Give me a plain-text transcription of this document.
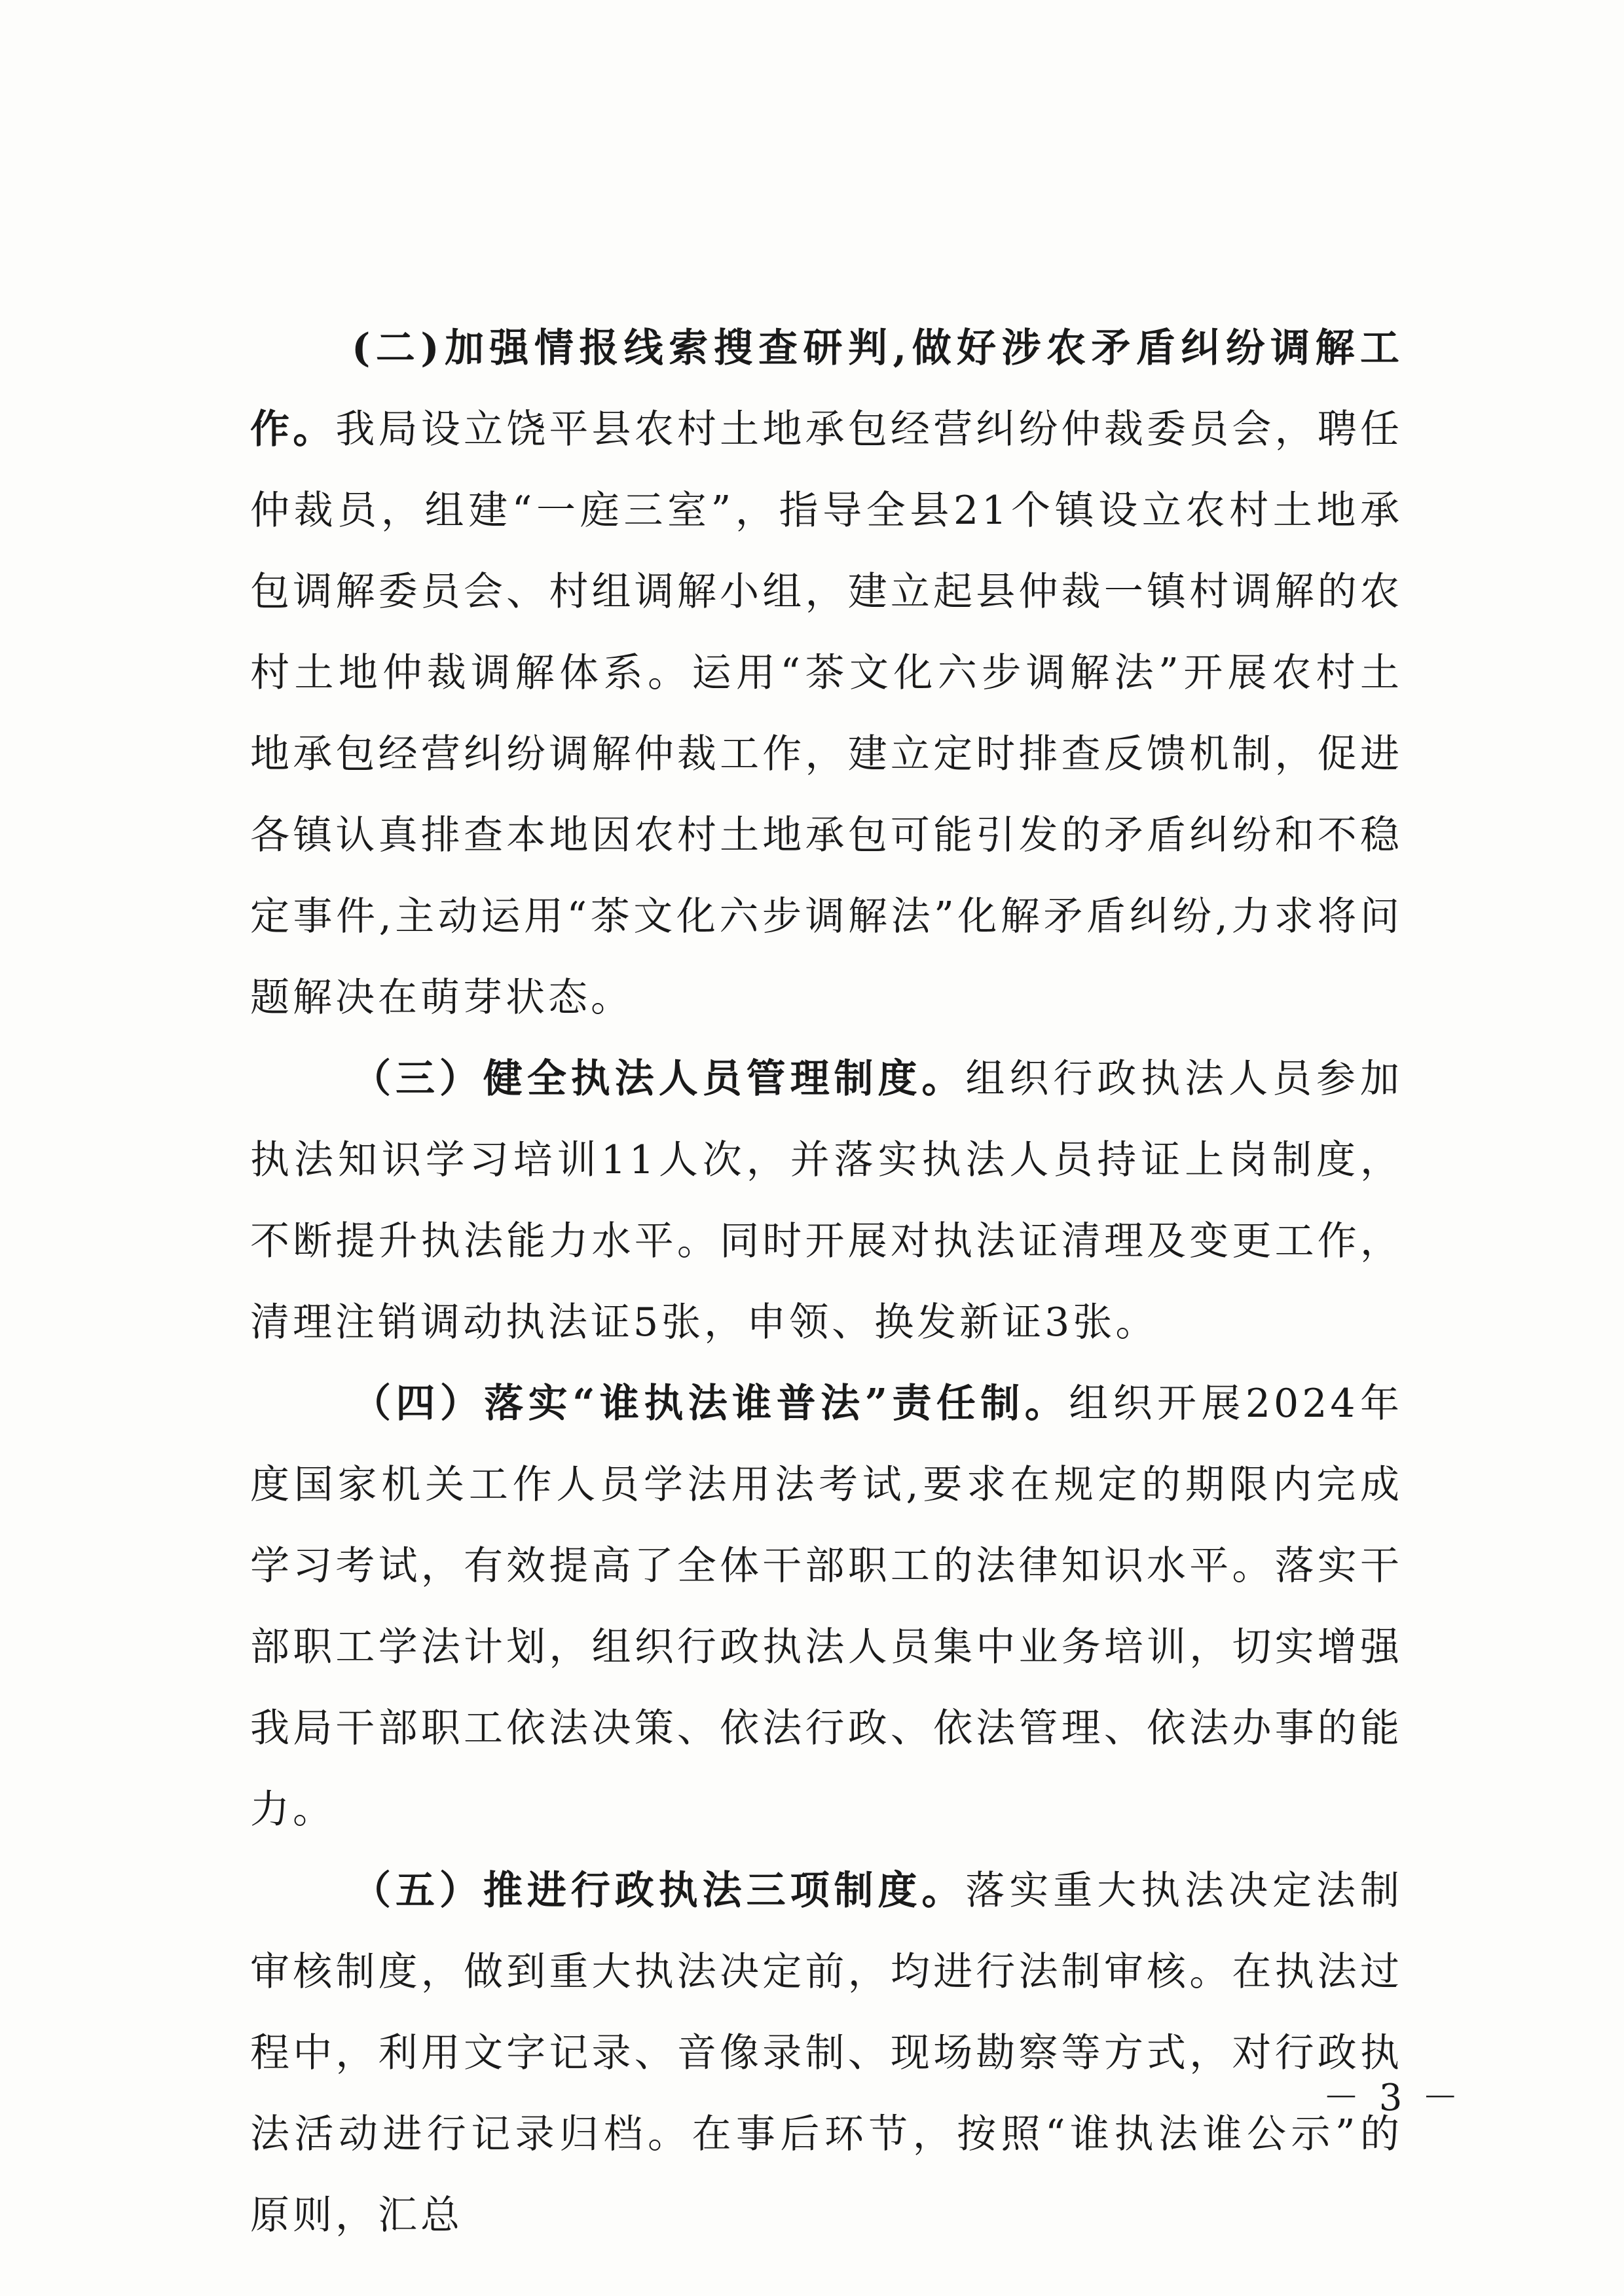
(二)加强情报线索搜查研判,做好涉农矛盾纠纷调解工作。我局设立饶平县农村土地承包经营纠纷仲裁委员会，聘任仲裁员，组建“一庭三室”，指导全县21个镇设立农村土地承包调解委员会、村组调解小组，建立起县仲裁一镇村调解的农村土地仲裁调解体系。运用“茶文化六步调解法”开展农村土地承包经营纠纷调解仲裁工作，建立定时排查反馈机制，促进各镇认真排查本地因农村土地承包可能引发的矛盾纠纷和不稳定事件,主动运用“茶文化六步调解法”化解矛盾纠纷,力求将问题解决在萌芽状态。

（三）健全执法人员管理制度。组织行政执法人员参加执法知识学习培训11人次，并落实执法人员持证上岗制度，不断提升执法能力水平。同时开展对执法证清理及变更工作，清理注销调动执法证5张，申领、换发新证3张。

（四）落实“谁执法谁普法”责任制。组织开展2024年度国家机关工作人员学法用法考试,要求在规定的期限内完成学习考试，有效提高了全体干部职工的法律知识水平。落实干部职工学法计划，组织行政执法人员集中业务培训，切实增强我局干部职工依法决策、依法行政、依法管理、依法办事的能力。

（五）推进行政执法三项制度。落实重大执法决定法制审核制度，做到重大执法决定前，均进行法制审核。在执法过程中，利用文字记录、音像录制、现场勘察等方式，对行政执法活动进行记录归档。在事后环节，按照“谁执法谁公示”的原则，汇总

－ 3 －
